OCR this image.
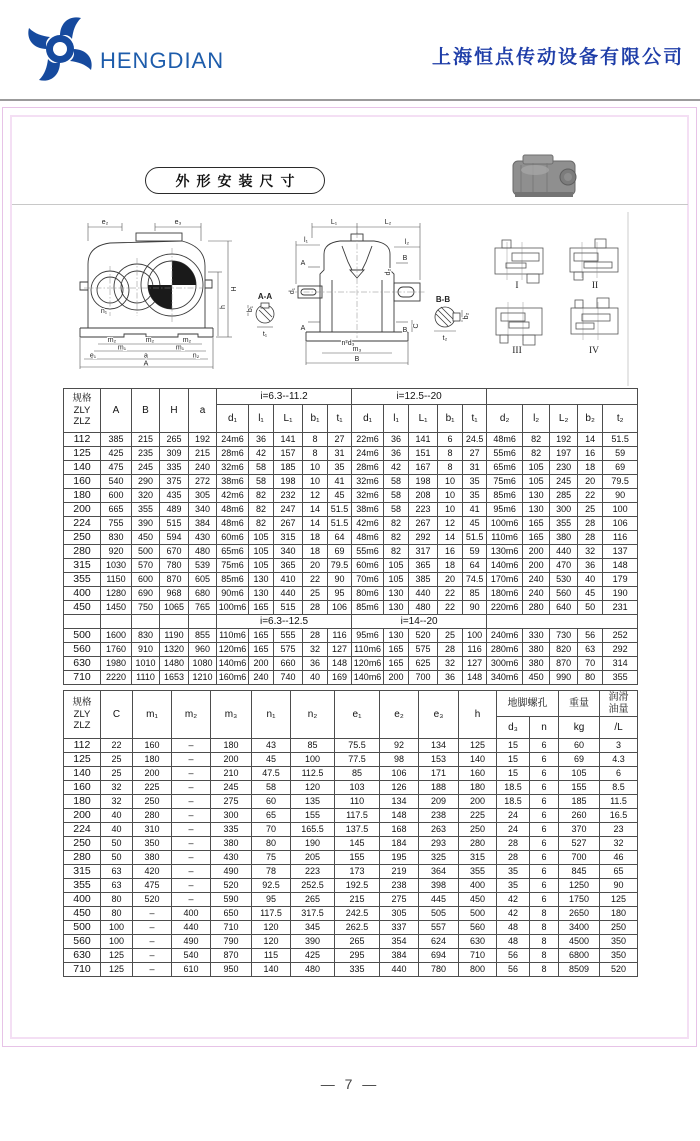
HENGDIAN	上海恒点传动设备有限公司
外形安装尺寸
e₂	e₃
H
h
n₁
m₂	m₂	m₂
m₁	m₁
e₁	a	n₂
A
A-A
b₁
t₁
L₁	L₂
l₁	l₂
A
A
d₁
d₂
B
B
C
n-d₃
m₃
B
B-B
b₂
t₂
I	II
III	IV
规格
ZLY
ZLZ	A	B	H	a	i=6.3--11.2					i=12.5--20									
					d₁	l₁	L₁	b₁	t₁	d₁	l₁	L₁	b₁	t₁	d₂	l₂	L₂	b₂	t₂
112	385	215	265	192	24m6	36	141	8	27	22m6	36	141	6	24.5	48m6	82	192	14	51.5
125	425	235	309	215	28m6	42	157	8	31	24m6	36	151	8	27	55m6	82	197	16	59
140	475	245	335	240	32m6	58	185	10	35	28m6	42	167	8	31	65m6	105	230	18	69
160	540	290	375	272	38m6	58	198	10	41	32m6	58	198	10	35	75m6	105	245	20	79.5
180	600	320	435	305	42m6	82	232	12	45	32m6	58	208	10	35	85m6	130	285	22	90
200	665	355	489	340	48m6	82	247	14	51.5	38m6	58	223	10	41	95m6	130	300	25	100
224	755	390	515	384	48m6	82	267	14	51.5	42m6	82	267	12	45	100m6	165	355	28	106
250	830	450	594	430	60m6	105	315	18	64	48m6	82	292	14	51.5	110m6	165	380	28	116
280	920	500	670	480	65m6	105	340	18	69	55m6	82	317	16	59	130m6	200	440	32	137
315	1030	570	780	539	75m6	105	365	20	79.5	60m6	105	365	18	64	140m6	200	470	36	148
355	1150	600	870	605	85m6	130	410	22	90	70m6	105	385	20	74.5	170m6	240	530	40	179
400	1280	690	968	680	90m6	130	440	25	95	80m6	130	440	22	85	180m6	240	560	45	190
450	1450	750	1065	765	100m6	165	515	28	106	85m6	130	480	22	90	220m6	280	640	50	231
					i=6.3--12.5					i=14--20									
500	1600	830	1190	855	110m6	165	555	28	116	95m6	130	520	25	100	240m6	330	730	56	252
560	1760	910	1320	960	120m6	165	575	32	127	110m6	165	575	28	116	280m6	380	820	63	292
630	1980	1010	1480	1080	140m6	200	660	36	148	120m6	165	625	32	127	300m6	380	870	70	314
710	2220	1110	1653	1210	160m6	240	740	40	169	140m6	200	700	36	148	340m6	450	990	80	355
规格
ZLY
ZLZ	C	m₁	m₂	m₃	n₁	n₂	e₁	e₂	e₃	h	地脚螺孔		重量	润滑
油量
											d₃	n	kg	/L
112	22	160	–	180	43	85	75.5	92	134	125	15	6	60	3
125	25	180	–	200	45	100	77.5	98	153	140	15	6	69	4.3
140	25	200	–	210	47.5	112.5	85	106	171	160	15	6	105	6
160	32	225	–	245	58	120	103	126	188	180	18.5	6	155	8.5
180	32	250	–	275	60	135	110	134	209	200	18.5	6	185	11.5
200	40	280	–	300	65	155	117.5	148	238	225	24	6	260	16.5
224	40	310	–	335	70	165.5	137.5	168	263	250	24	6	370	23
250	50	350	–	380	80	190	145	184	293	280	28	6	527	32
280	50	380	–	430	75	205	155	195	325	315	28	6	700	46
315	63	420	–	490	78	223	173	219	364	355	35	6	845	65
355	63	475	–	520	92.5	252.5	192.5	238	398	400	35	6	1250	90
400	80	520	–	590	95	265	215	275	445	450	42	6	1750	125
450	80	–	400	650	117.5	317.5	242.5	305	505	500	42	8	2650	180
500	100	–	440	710	120	345	262.5	337	557	560	48	8	3400	250
560	100	–	490	790	120	390	265	354	624	630	48	8	4500	350
630	125	–	540	870	115	425	295	384	694	710	56	8	6800	350
710	125	–	610	950	140	480	335	440	780	800	56	8	8509	520
— 7 —
